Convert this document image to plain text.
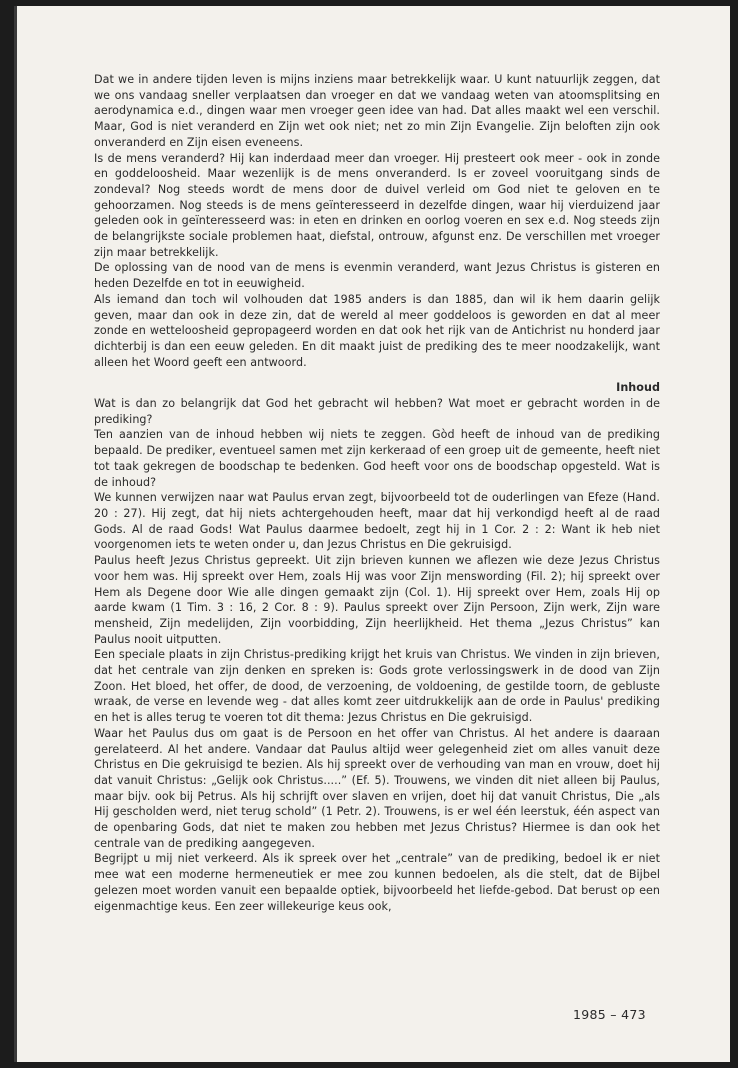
Dat we in andere tijden leven is mijns inziens maar betrekkelijk waar. U kunt natuurlijk zeggen, dat we ons vandaag sneller verplaatsen dan vroeger en dat we vandaag weten van atoomsplitsing en aerodynamica e.d., dingen waar men vroeger geen idee van had. Dat alles maakt wel een verschil. Maar, God is niet veranderd en Zijn wet ook niet; net zo min Zijn Evangelie. Zijn beloften zijn ook onveranderd en Zijn eisen eveneens.

Is de mens veranderd? Hij kan inderdaad meer dan vroeger. Hij presteert ook meer - ook in zonde en goddeloosheid. Maar wezenlijk is de mens onveranderd. Is er zoveel vooruitgang sinds de zondeval? Nog steeds wordt de mens door de duivel verleid om God niet te geloven en te gehoorzamen. Nog steeds is de mens geïnteresseerd in dezelfde dingen, waar hij vierduizend jaar geleden ook in geïnteresseerd was: in eten en drinken en oorlog voeren en sex e.d. Nog steeds zijn de belangrijkste sociale problemen haat, diefstal, ontrouw, afgunst enz. De verschillen met vroeger zijn maar betrekkelijk.

De oplossing van de nood van de mens is evenmin veranderd, want Jezus Christus is gisteren en heden Dezelfde en tot in eeuwigheid.

Als iemand dan toch wil volhouden dat 1985 anders is dan 1885, dan wil ik hem daarin gelijk geven, maar dan ook in deze zin, dat de wereld al meer goddeloos is geworden en dat al meer zonde en wetteloosheid gepropageerd worden en dat ook het rijk van de Antichrist nu honderd jaar dichterbij is dan een eeuw geleden. En dit maakt juist de prediking des te meer noodzakelijk, want alleen het Woord geeft een antwoord.

Inhoud

Wat is dan zo belangrijk dat God het gebracht wil hebben? Wat moet er gebracht worden in de prediking?

Ten aanzien van de inhoud hebben wij niets te zeggen. Gòd heeft de inhoud van de prediking bepaald. De prediker, eventueel samen met zijn kerkeraad of een groep uit de gemeente, heeft niet tot taak gekregen de boodschap te bedenken. God heeft voor ons de boodschap opgesteld. Wat is de inhoud?

We kunnen verwijzen naar wat Paulus ervan zegt, bijvoorbeeld tot de ouderlingen van Efeze (Hand. 20 : 27). Hij zegt, dat hij niets achtergehouden heeft, maar dat hij verkondigd heeft al de raad Gods. Al de raad Gods! Wat Paulus daarmee bedoelt, zegt hij in 1 Cor. 2 : 2: Want ik heb niet voorgenomen iets te weten onder u, dan Jezus Christus en Die gekruisigd.

Paulus heeft Jezus Christus gepreekt. Uit zijn brieven kunnen we aflezen wie deze Jezus Christus voor hem was. Hij spreekt over Hem, zoals Hij was voor Zijn menswording (Fil. 2); hij spreekt over Hem als Degene door Wie alle dingen gemaakt zijn (Col. 1). Hij spreekt over Hem, zoals Hij op aarde kwam (1 Tim. 3 : 16, 2 Cor. 8 : 9). Paulus spreekt over Zijn Persoon, Zijn werk, Zijn ware mensheid, Zijn medelijden, Zijn voorbidding, Zijn heerlijkheid. Het thema „Jezus Christus” kan Paulus nooit uitputten.

Een speciale plaats in zijn Christus-prediking krijgt het kruis van Christus. We vinden in zijn brieven, dat het centrale van zijn denken en spreken is: Gods grote verlossingswerk in de dood van Zijn Zoon. Het bloed, het offer, de dood, de verzoening, de voldoening, de gestilde toorn, de gebluste wraak, de verse en levende weg - dat alles komt zeer uitdrukkelijk aan de orde in Paulus' prediking en het is alles terug te voeren tot dit thema: Jezus Christus en Die gekruisigd.

Waar het Paulus dus om gaat is de Persoon en het offer van Christus. Al het andere is daaraan gerelateerd. Al het andere. Vandaar dat Paulus altijd weer gelegenheid ziet om alles vanuit deze Christus en Die gekruisigd te bezien. Als hij spreekt over de verhouding van man en vrouw, doet hij dat vanuit Christus: „Gelijk ook Christus.....” (Ef. 5). Trouwens, we vinden dit niet alleen bij Paulus, maar bijv. ook bij Petrus. Als hij schrijft over slaven en vrijen, doet hij dat vanuit Christus, Die „als Hij gescholden werd, niet terug schold” (1 Petr. 2). Trouwens, is er wel één leerstuk, één aspect van de openbaring Gods, dat niet te maken zou hebben met Jezus Christus? Hiermee is dan ook het centrale van de prediking aangegeven.

Begrijpt u mij niet verkeerd. Als ik spreek over het „centrale” van de prediking, bedoel ik er niet mee wat een moderne hermeneutiek er mee zou kunnen bedoelen, als die stelt, dat de Bijbel gelezen moet worden vanuit een bepaalde optiek, bijvoorbeeld het liefde-gebod. Dat berust op een eigenmachtige keus. Een zeer willekeurige keus ook,

1985 – 473
